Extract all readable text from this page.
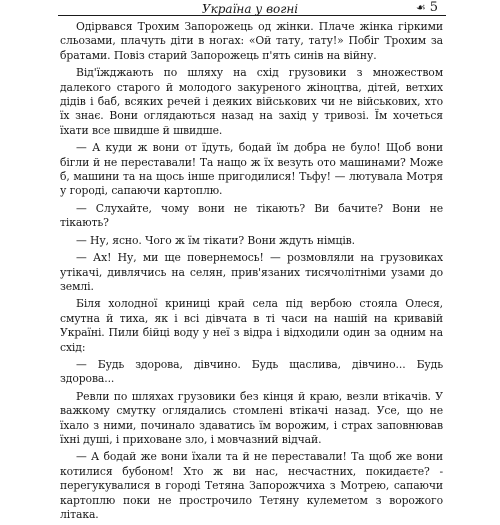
Україна у вогні	☙ 5

Одірвався Трохим Запорожець од жінки. Плаче жінка гіркими сльозами, плачуть діти в ногах: «Ой тату, тату!» Побіг Трохим за братами. Повіз старий Запорожець п'ять синів на війну.

Від'їжджають по шляху на схід грузовики з множеством далекого старого й молодого закуреного жіноцтва, дітей, ветхих дідів і баб, всяких речей і деяких військових чи не військових, хто їх знає. Вони оглядаються назад на захід у тривозі. Їм хочеться їхати все швидше й швидше.

— А куди ж вони от їдуть, бодай їм добра не було! Щоб вони бігли й не переставали! Та нащо ж їх везуть ото машинами? Може б, машини та на щось інше пригодилися! Тьфу! — лютувала Мотря у городі, сапаючи картоплю.

— Слухайте, чому вони не тікають? Ви бачите? Вони не тікають?

— Ну, ясно. Чого ж їм тікати? Вони ждуть німців.

— Ах! Ну, ми ще повернемось! — розмовляли на грузовиках утікачі, дивлячись на селян, прив'язаних тисячолітніми узами до землі.

Біля холодної криниці край села під вербою стояла Олеся, смутна й тиха, як і всі дівчата в ті часи на нашій на кривавій Україні. Пили бійці воду у неї з відра і відходили один за одним на схід:

— Будь здорова, дівчино. Будь щаслива, дівчино... Будь здорова...

Ревли по шляхах грузовики без кінця й краю, везли втікачів. У важкому смутку оглядались стомлені втікачі назад. Усе, що не їхало з ними, починало здаватись їм ворожим, і страх заповнював їхні душі, і приховане зло, і мовчазний відчай.

— А бодай же вони їхали та й не переставали! Та щоб же вони котилися бубоном! Хто ж ви нас, несчастних, покидаєте? - перегукувалися в городі Тетяна Запорожчиха з Мотрею, сапаючи картоплю поки не прострочило Тетяну кулеметом з ворожого літака.
